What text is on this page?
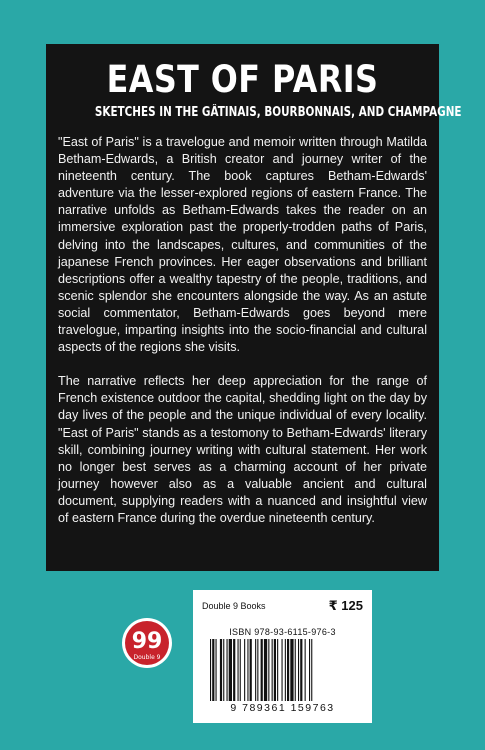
EAST OF PARIS
SKETCHES IN THE GÂTINAIS, BOURBONNAIS, AND CHAMPAGNE

"East of Paris" is a travelogue and memoir written through Matilda Betham-Edwards, a British creator and journey writer of the nineteenth century. The book captures Betham-Edwards' adventure via the lesser-explored regions of eastern France. The narrative unfolds as Betham-Edwards takes the reader on an immersive exploration past the properly-trodden paths of Paris, delving into the landscapes, cultures, and communities of the japanese French provinces. Her eager observations and brilliant descriptions offer a wealthy tapestry of the people, traditions, and scenic splendor she encounters alongside the way. As an astute social commentator, Betham-Edwards goes beyond mere travelogue, imparting insights into the socio-financial and cultural aspects of the regions she visits.

The narrative reflects her deep appreciation for the range of French existence outdoor the capital, shedding light on the day by day lives of the people and the unique individual of every locality. "East of Paris" stands as a testomony to Betham-Edwards' literary skill, combining journey writing with cultural statement. Her work no longer best serves as a charming account of her private journey however also as a valuable ancient and cultural document, supplying readers with a nuanced and insightful view of eastern France during the overdue nineteenth century.

99
Double 9
Double 9 Books	₹ 125
ISBN 978-93-6115-976-3
9 789361 159763
